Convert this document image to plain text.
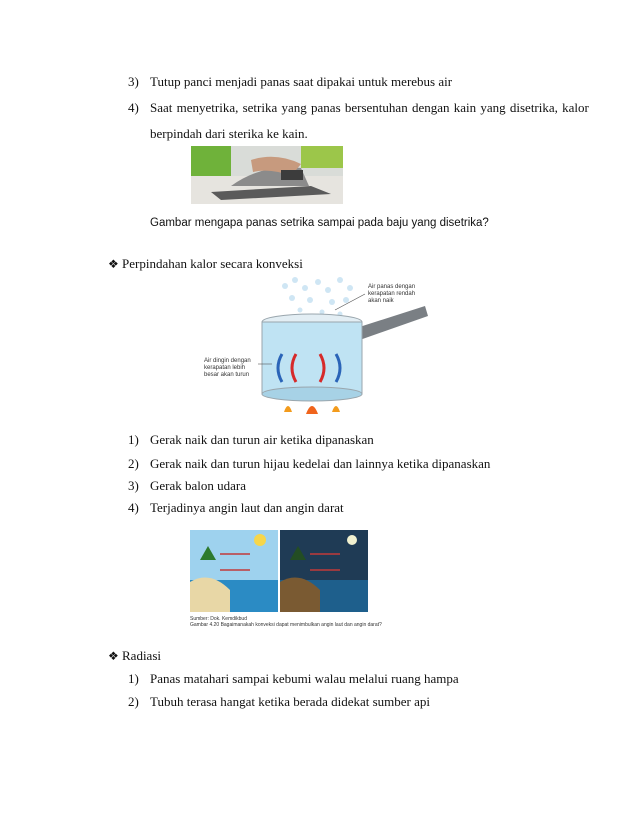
3) Tutup panci menjadi panas saat dipakai untuk merebus air
4) Saat menyetrika, setrika yang panas bersentuhan dengan kain yang disetrika, kalor
berpindah dari sterika ke kain.
Gambar mengapa panas setrika sampai pada baju yang disetrika?
❖ Perpindahan kalor secara konveksi
Air panas dengan
kerapatan rendah
akan naik
Air dingin dengan
kerapatan lebih
besar akan turun
1) Gerak naik dan turun air ketika dipanaskan
2) Gerak naik dan turun hijau kedelai dan lainnya ketika dipanaskan
3) Gerak balon udara
4) Terjadinya angin laut dan angin darat
Sumber: Dok. Kemdikbud
Gambar 4.20 Bagaimanakah konveksi dapat menimbulkan angin laut dan angin darat?
❖ Radiasi
1) Panas matahari sampai kebumi walau melalui ruang hampa
2) Tubuh terasa hangat ketika berada didekat sumber api
